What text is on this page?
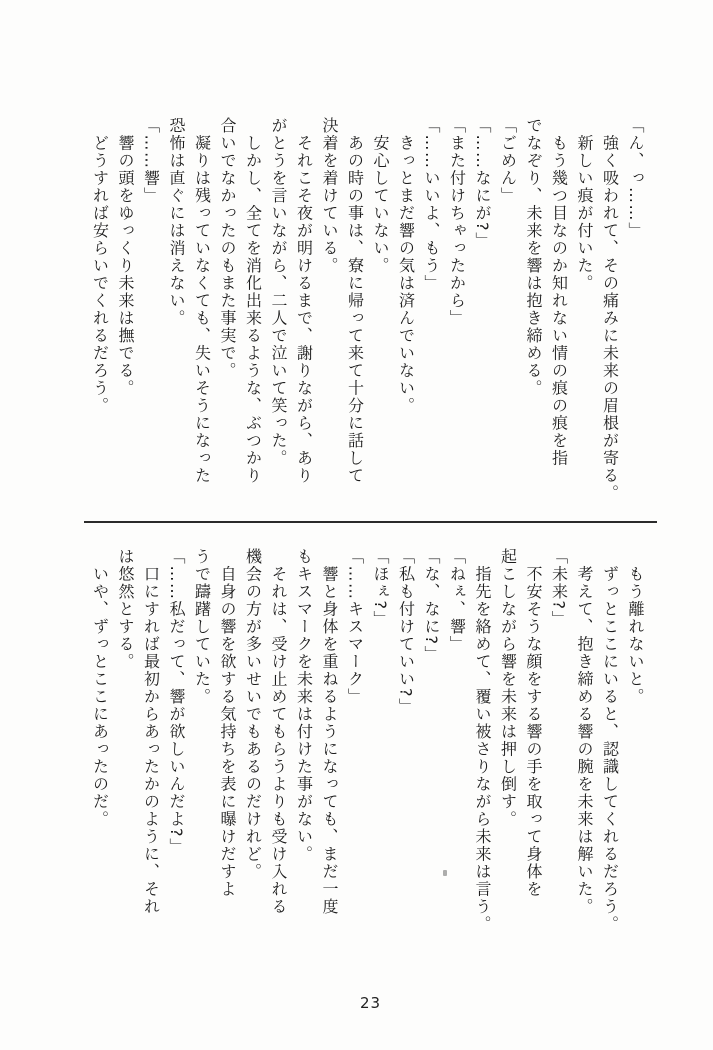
「ん、っ……」
　強く吸われて、その痛みに未来の眉根が寄る。
　新しい痕が付いた。
　もう幾つ目なのか知れない情の痕の痕を指
でなぞり、未来を響は抱き締める。
「ごめん」
「……なにが?」
「また付けちゃったから」
「……いいよ、もう」
　きっとまだ響の気は済んでいない。
　安心していない。
　あの時の事は、寮に帰って来て十分に話して
決着を着けている。
　それこそ夜が明けるまで、謝りながら、あり
がとうを言いながら、二人で泣いて笑った。
　しかし、全てを消化出来るような、ぶつかり
合いでなかったのもまた事実で。
　凝りは残っていなくても、失いそうになった
恐怖は直ぐには消えない。
「……響」
　響の頭をゆっくり未来は撫でる。
　どうすれば安らいでくれるだろう。
　もう離れないと。
　ずっとここにいると、認識してくれるだろう。
　考えて、抱き締める響の腕を未来は解いた。
「未来?」
　不安そうな顔をする響の手を取って身体を
起こしながら響を未来は押し倒す。
　指先を絡めて、覆い被さりながら未来は言う。
「ねぇ、響」
「な、なに?」
「私も付けていい?」
「ほぇ?」
「……キスマーク」
　響と身体を重ねるようになっても、まだ一度
もキスマークを未来は付けた事がない。
　それは、受け止めてもらうよりも受け入れる
機会の方が多いせいでもあるのだけれど。
　自身の響を欲する気持ちを表に曝けだすよ
うで躊躇していた。
「……私だって、響が欲しいんだよ?」
　口にすれば最初からあったかのように、それ
は悠然とする。
　いや、ずっとここにあったのだ。
23
